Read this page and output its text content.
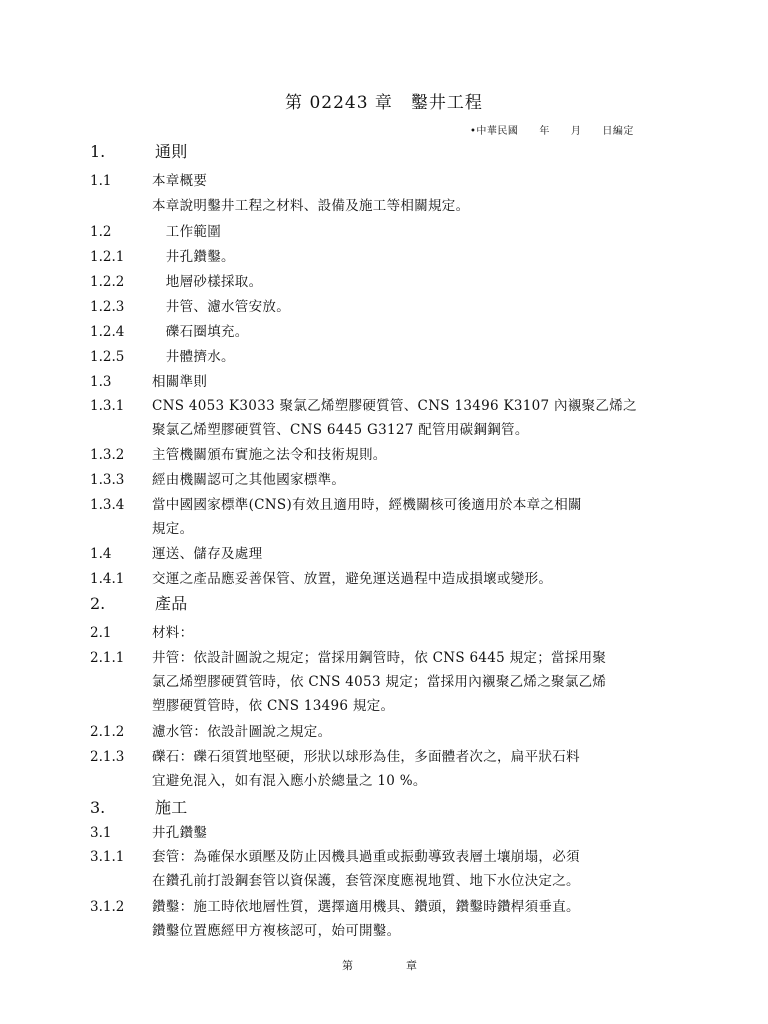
第 02243 章　鑿井工程
•中華民國　　年　　月　　日編定
1.	通則
1.1	本章概要
本章說明鑿井工程之材料、設備及施工等相關規定。
1.2	　工作範圍
1.2.1 　井孔鑽鑿。
1.2.2 　地層砂樣採取。
1.2.3 　井管、濾水管安放。
1.2.4 　礫石圈填充。
1.2.5 　井體擠水。
1.3	相關準則
1.3.1 CNS 4053 K3033 聚氯乙烯塑膠硬質管、CNS 13496 K3107 內襯聚乙烯之
聚氯乙烯塑膠硬質管、CNS 6445 G3127 配管用碳鋼鋼管。
1.3.2 主管機關頒布實施之法令和技術規則。
1.3.3 經由機關認可之其他國家標準。
1.3.4 當中國國家標準(CNS)有效且適用時，經機關核可後適用於本章之相關
規定。
1.4	運送、儲存及處理
1.4.1 交運之產品應妥善保管、放置，避免運送過程中造成損壞或變形。
2.	產品
2.1	材料：
2.1.1 井管：依設計圖說之規定；當採用鋼管時，依 CNS 6445 規定；當採用聚
氯乙烯塑膠硬質管時，依 CNS 4053 規定；當採用內襯聚乙烯之聚氯乙烯
塑膠硬質管時，依 CNS 13496 規定。
2.1.2 濾水管：依設計圖說之規定。
2.1.3 礫石：礫石須質地堅硬，形狀以球形為佳，多面體者次之，扁平狀石料
宜避免混入，如有混入應小於總量之 10 %。
3.	施工
3.1	井孔鑽鑿
3.1.1 套管：為確保水頭壓及防止因機具過重或振動導致表層土壤崩塌，必須
在鑽孔前打設鋼套管以資保護，套管深度應視地質、地下水位決定之。
3.1.2 鑽鑿：施工時依地層性質，選擇適用機具、鑽頭，鑽鑿時鑽桿須垂直。
鑽鑿位置應經甲方複核認可，始可開鑿。
第	章
